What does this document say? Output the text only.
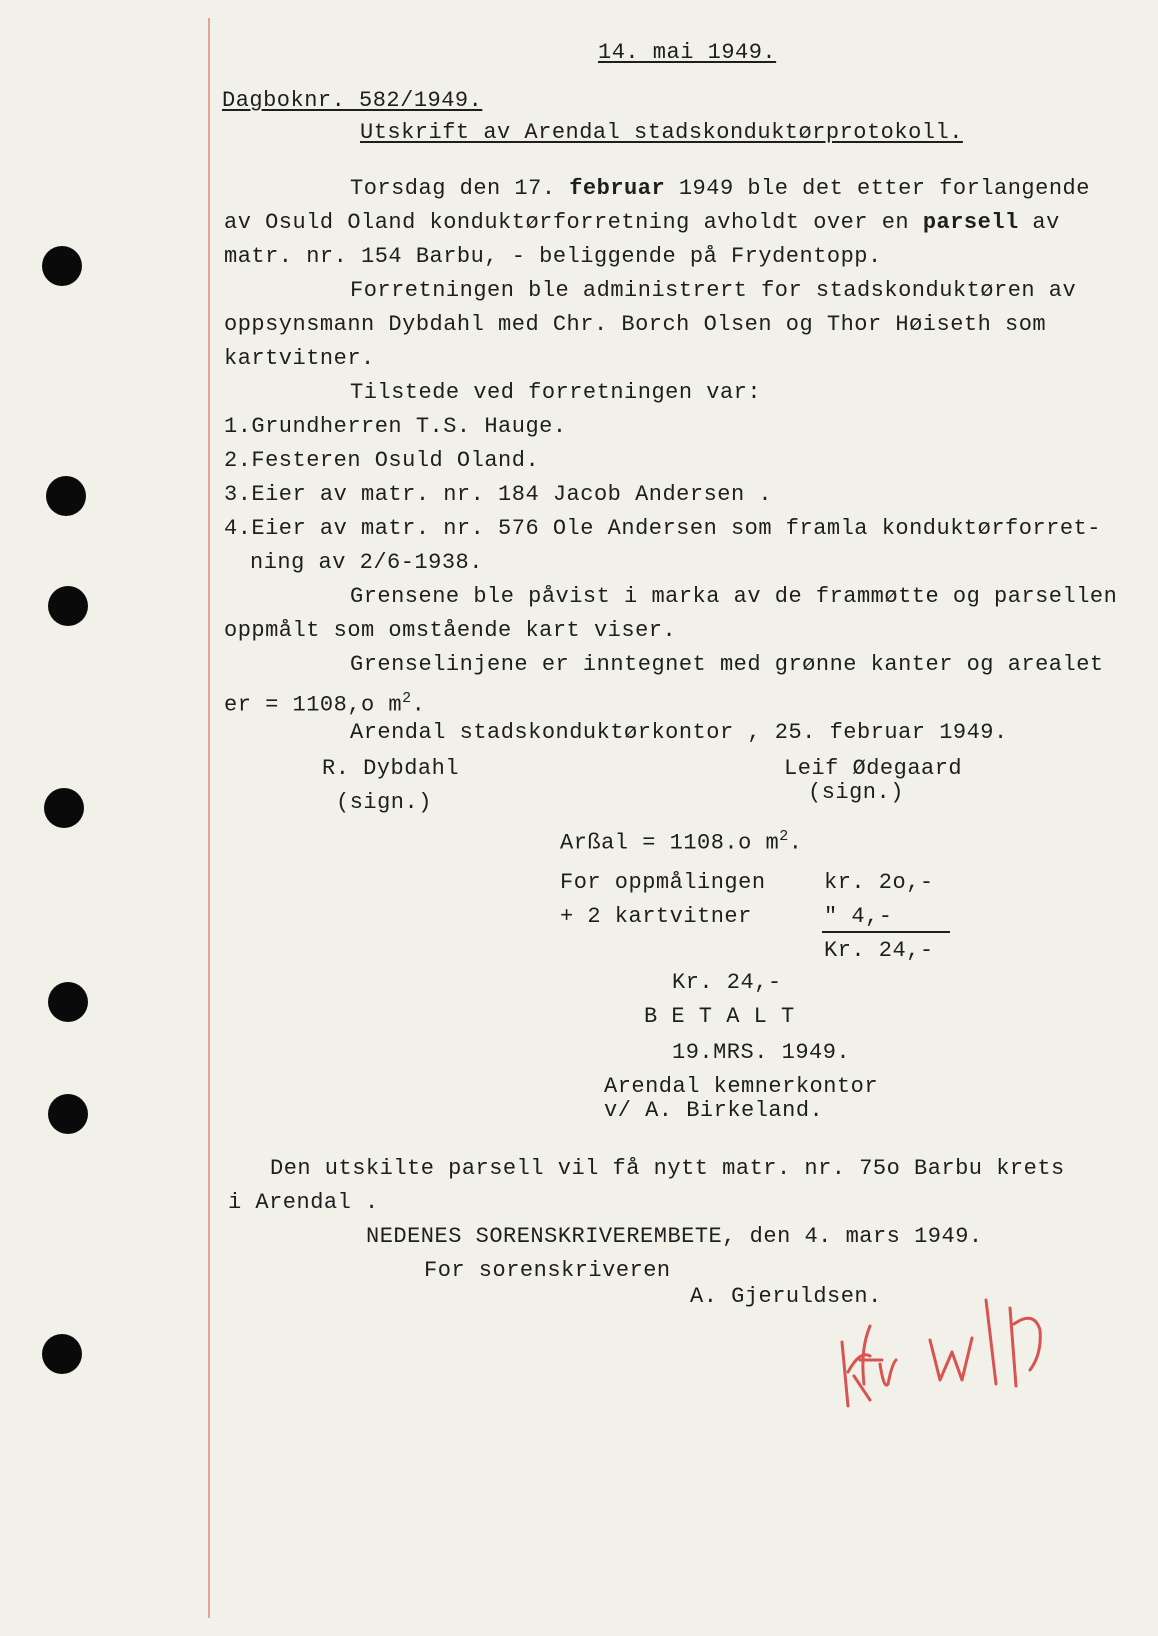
14. mai 1949.
Dagboknr. 582/1949.
Utskrift av Arendal stadskonduktørprotokoll.
Torsdag den 17. februar 1949 ble det etter forlangende
av Osuld Oland konduktørforretning avholdt over en parsell av
matr. nr. 154 Barbu, - beliggende på Frydentopp.
Forretningen ble administrert for stadskonduktøren av
oppsynsmann Dybdahl med Chr. Borch Olsen og Thor Høiseth som
kartvitner.
Tilstede ved forretningen var:
1.Grundherren T.S. Hauge.
2.Festeren Osuld Oland.
3.Eier av matr. nr. 184 Jacob Andersen .
4.Eier av matr. nr. 576 Ole Andersen som framla konduktørforret-
ning av 2/6-1938.
Grensene ble påvist i marka av de frammøtte og parsellen
oppmålt som omstående kart viser.
Grenselinjene er inntegnet med grønne kanter og arealet
er = 1108,o $m^2$.
Arendal stadskonduktørkontor , 25. februar 1949.
R. Dybdahl
(sign.)
Leif Ødegaard
(sign.)
Arßal = 1108.o $m^2$.
For oppmålingen	kr. 2o,-
+ 2 kartvitner	" 4,-
Kr. 24,-
Kr. 24,-
B E T A L T
19.MRS. 1949.
Arendal kemnerkontor
v/ A. Birkeland.
Den utskilte parsell vil få nytt matr. nr. 75o Barbu krets
i Arendal .
NEDENES SORENSKRIVEREMBETE, den 4. mars 1949.
For sorenskriveren
A. Gjeruldsen.
